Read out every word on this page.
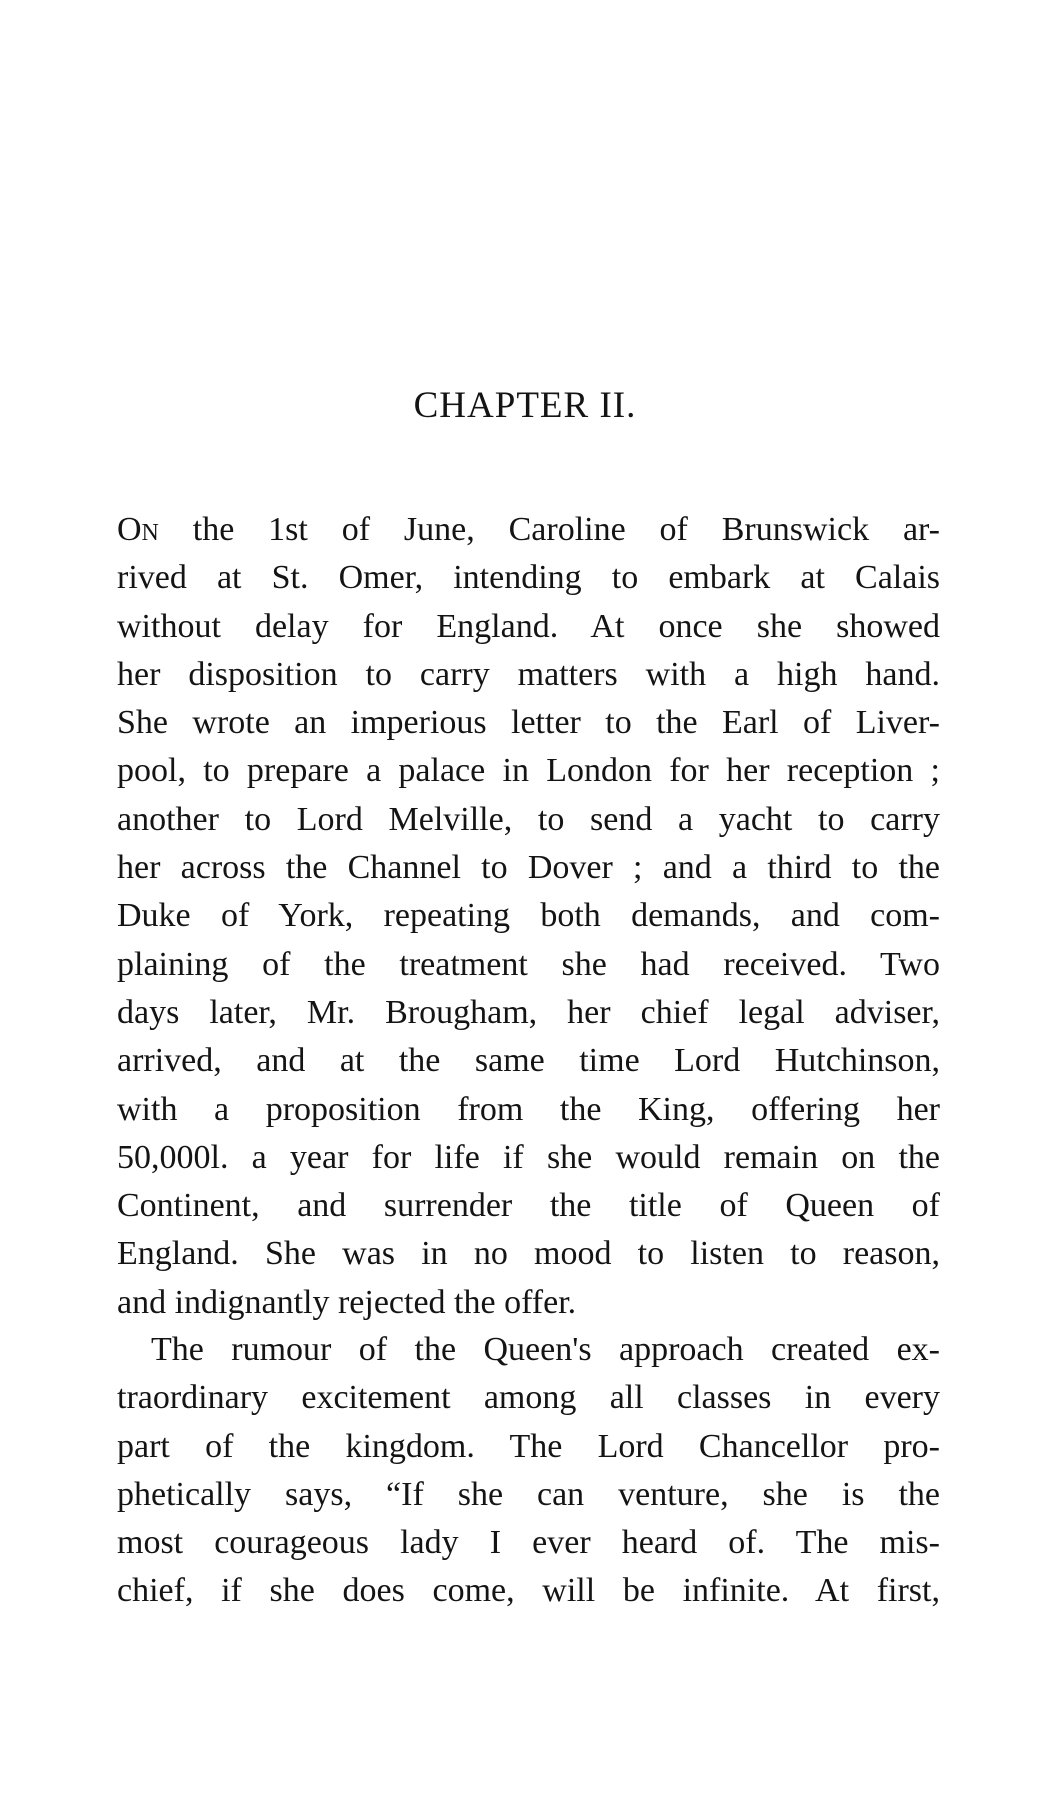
CHAPTER II.
On the 1st of June, Caroline of Brunswick ar-
rived at St. Omer, intending to embark at Calais
without delay for England. At once she showed
her disposition to carry matters with a high hand.
She wrote an imperious letter to the Earl of Liver-
pool, to prepare a palace in London for her reception ;
another to Lord Melville, to send a yacht to carry
her across the Channel to Dover ; and a third to the
Duke of York, repeating both demands, and com-
plaining of the treatment she had received. Two
days later, Mr. Brougham, her chief legal adviser,
arrived, and at the same time Lord Hutchinson,
with a proposition from the King, offering her
50,000l. a year for life if she would remain on the
Continent, and surrender the title of Queen of
England. She was in no mood to listen to reason,
and indignantly rejected the offer.
The rumour of the Queen's approach created ex-
traordinary excitement among all classes in every
part of the kingdom. The Lord Chancellor pro-
phetically says, “If she can venture, she is the
most courageous lady I ever heard of. The mis-
chief, if she does come, will be infinite. At first,
